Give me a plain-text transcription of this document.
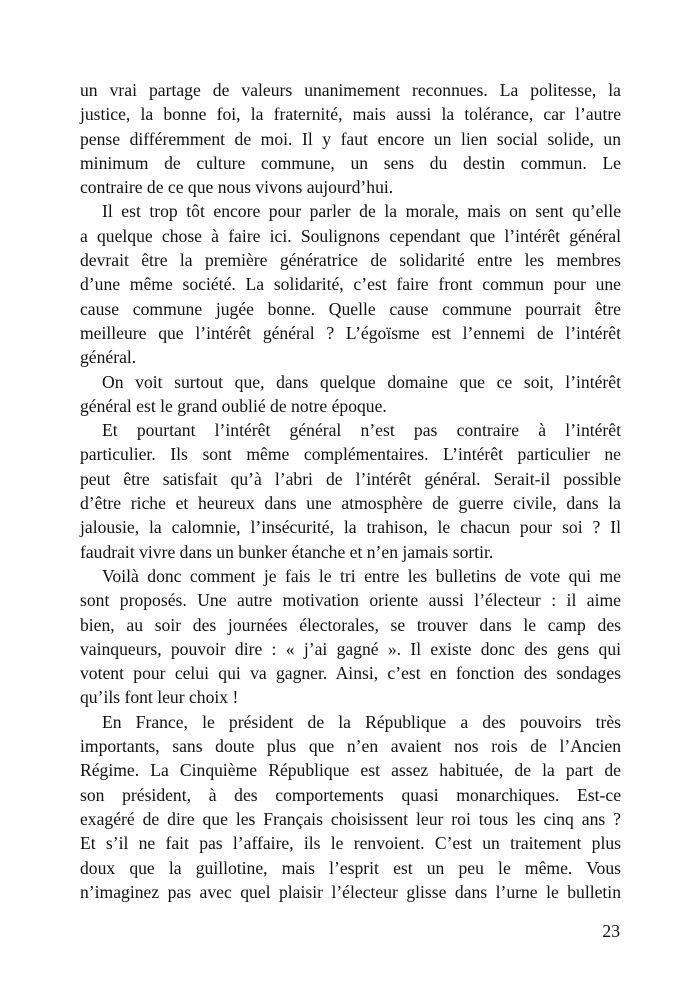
un vrai partage de valeurs unanimement reconnues. La politesse, la
justice, la bonne foi, la fraternité, mais aussi la tolérance, car l’autre
pense différemment de moi. Il y faut encore un lien social solide, un
minimum de culture commune, un sens du destin commun. Le
contraire de ce que nous vivons aujourd’hui.
Il est trop tôt encore pour parler de la morale, mais on sent qu’elle
a quelque chose à faire ici. Soulignons cependant que l’intérêt général
devrait être la première génératrice de solidarité entre les membres
d’une même société. La solidarité, c’est faire front commun pour une
cause commune jugée bonne. Quelle cause commune pourrait être
meilleure que l’intérêt général ? L’égoïsme est l’ennemi de l’intérêt
général.
On voit surtout que, dans quelque domaine que ce soit, l’intérêt
général est le grand oublié de notre époque.
Et pourtant l’intérêt général n’est pas contraire à l’intérêt
particulier. Ils sont même complémentaires. L’intérêt particulier ne
peut être satisfait qu’à l’abri de l’intérêt général. Serait-il possible
d’être riche et heureux dans une atmosphère de guerre civile, dans la
jalousie, la calomnie, l’insécurité, la trahison, le chacun pour soi ? Il
faudrait vivre dans un bunker étanche et n’en jamais sortir.
Voilà donc comment je fais le tri entre les bulletins de vote qui me
sont proposés. Une autre motivation oriente aussi l’électeur : il aime
bien, au soir des journées électorales, se trouver dans le camp des
vainqueurs, pouvoir dire : « j’ai gagné ». Il existe donc des gens qui
votent pour celui qui va gagner. Ainsi, c’est en fonction des sondages
qu’ils font leur choix !
En France, le président de la République a des pouvoirs très
importants, sans doute plus que n’en avaient nos rois de l’Ancien
Régime. La Cinquième République est assez habituée, de la part de
son président, à des comportements quasi monarchiques. Est-ce
exagéré de dire que les Français choisissent leur roi tous les cinq ans ?
Et s’il ne fait pas l’affaire, ils le renvoient. C’est un traitement plus
doux que la guillotine, mais l’esprit est un peu le même. Vous
n’imaginez pas avec quel plaisir l’électeur glisse dans l’urne le bulletin
23
